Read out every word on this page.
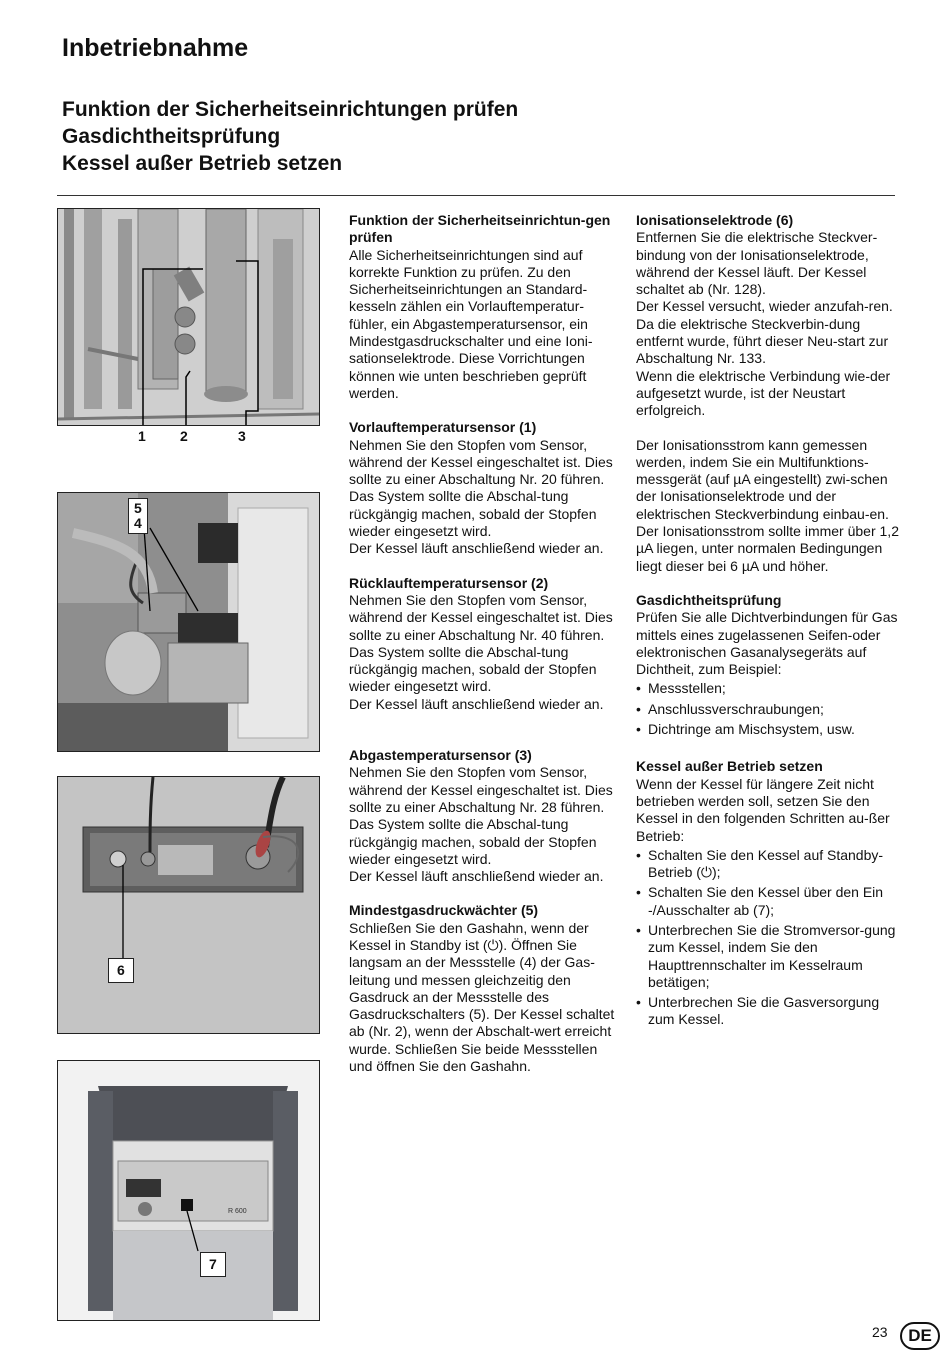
Inbetriebnahme
Funktion der Sicherheitseinrichtungen prüfen
Gasdichtheitsprüfung
Kessel außer Betrieb setzen
1 2	3
5
4
6
R 600
7
Funktion der Sicherheitseinrichtun-gen prüfen

Alle Sicherheitseinrichtungen sind auf korrekte Funktion zu prüfen. Zu den Sicherheitseinrichtungen an Standard-kesseln zählen ein Vorlauftemperatur-fühler, ein Abgastemperatursensor, ein Mindestgasdruckschalter und eine Ioni-sationselektrode. Diese Vorrichtungen können wie unten beschrieben geprüft werden.

Vorlauftemperatursensor (1)

Nehmen Sie den Stopfen vom Sensor, während der Kessel eingeschaltet ist. Dies sollte zu einer Abschaltung Nr. 20 führen. Das System sollte die Abschal-tung rückgängig machen, sobald der Stopfen wieder eingesetzt wird.

Der Kessel läuft anschließend wieder an.

Rücklauftemperatursensor (2)

Nehmen Sie den Stopfen vom Sensor, während der Kessel eingeschaltet ist. Dies sollte zu einer Abschaltung Nr. 40 führen. Das System sollte die Abschal-tung rückgängig machen, sobald der Stopfen wieder eingesetzt wird.

Der Kessel läuft anschließend wieder an.

Abgastemperatursensor (3)

Nehmen Sie den Stopfen vom Sensor, während der Kessel eingeschaltet ist. Dies sollte zu einer Abschaltung Nr. 28 führen. Das System sollte die Abschal-tung rückgängig machen, sobald der Stopfen wieder eingesetzt wird.

Der Kessel läuft anschließend wieder an.

Mindestgasdruckwächter (5)

Schließen Sie den Gashahn, wenn der Kessel in Standby ist (⏻). Öffnen Sie langsam an der Messstelle (4) der Gas-leitung und messen gleichzeitig den Gasdruck an der Messstelle des Gasdruckschalters (5). Der Kessel schaltet ab (Nr. 2), wenn der Abschalt-wert erreicht wurde. Schließen Sie beide Messstellen und öffnen Sie den Gashahn.

Ionisationselektrode (6)

Entfernen Sie die elektrische Steckver-bindung von der Ionisationselektrode, während der Kessel läuft. Der Kessel schaltet ab (Nr. 128).

Der Kessel versucht, wieder anzufah-ren. Da die elektrische Steckverbin-dung entfernt wurde, führt dieser Neu-start zur Abschaltung Nr. 133.

Wenn die elektrische Verbindung wie-der aufgesetzt wurde, ist der Neustart erfolgreich.

Der Ionisationsstrom kann gemessen werden, indem Sie ein Multifunktions-messgerät (auf µA eingestellt) zwi-schen der Ionisationselektrode und der elektrischen Steckverbindung einbau-en. Der Ionisationsstrom sollte immer über 1,2 µA liegen, unter normalen Bedingungen liegt dieser bei 6 µA und höher.

Gasdichtheitsprüfung

Prüfen Sie alle Dichtverbindungen für Gas mittels eines zugelassenen Seifen-oder elektronischen Gasanalysegeräts auf Dichtheit, zum Beispiel:

• Messstellen;
• Anschlussverschraubungen;
• Dichtringe am Mischsystem, usw.
Kessel außer Betrieb setzen

Wenn der Kessel für längere Zeit nicht betrieben werden soll, setzen Sie den Kessel in den folgenden Schritten au-ßer Betrieb:

• Schalten Sie den Kessel auf Standby-Betrieb (⏻);
• Schalten Sie den Kessel über den Ein -/Ausschalter ab (7);
• Unterbrechen Sie die Stromversor-gung zum Kessel, indem Sie den Haupttrennschalter im Kesselraum betätigen;
• Unterbrechen Sie die Gasversorgung zum Kessel.
23	DE
